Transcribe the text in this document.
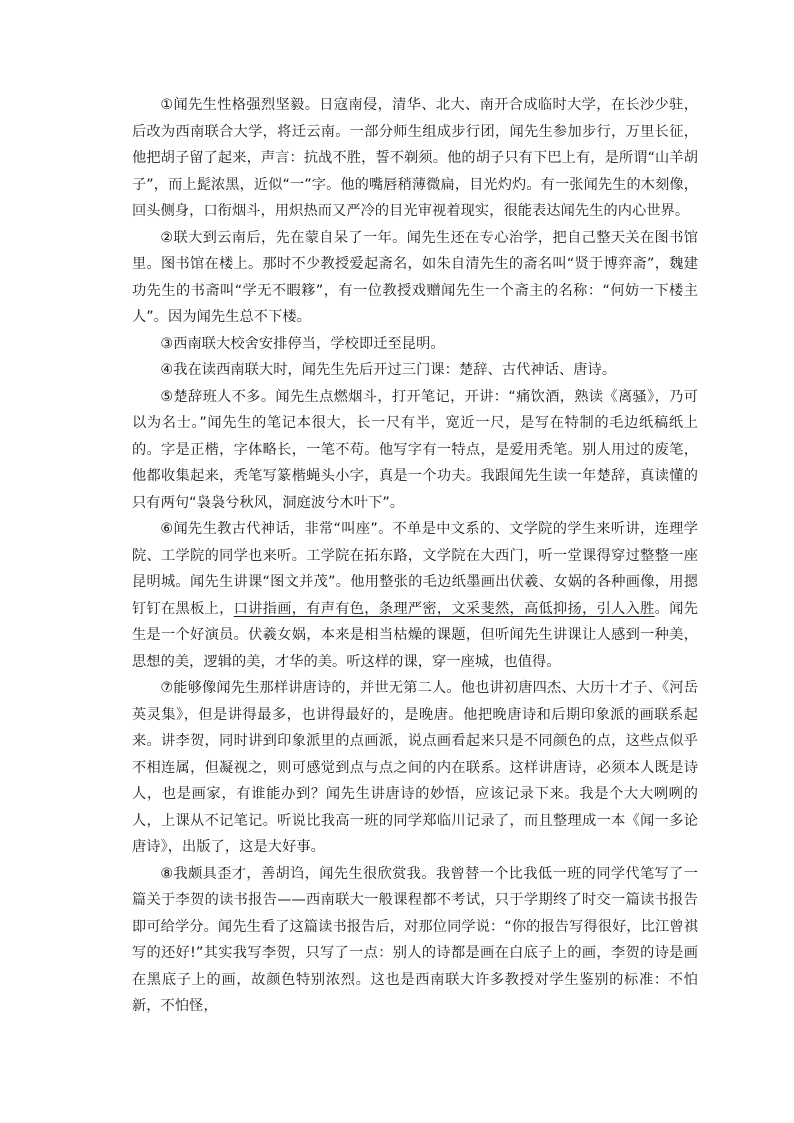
①闻先生性格强烈坚毅。日寇南侵，清华、北大、南开合成临时大学，在长沙少驻，后改为西南联合大学，将迁云南。一部分师生组成步行团，闻先生参加步行，万里长征，他把胡子留了起来，声言：抗战不胜，誓不剃须。他的胡子只有下巴上有，是所谓“山羊胡子”，而上髭浓黑，近似“一”字。他的嘴唇稍薄微扁，目光灼灼。有一张闻先生的木刻像，回头侧身，口衔烟斗，用炽热而又严冷的目光审视着现实，很能表达闻先生的内心世界。

②联大到云南后，先在蒙自呆了一年。闻先生还在专心治学，把自己整天关在图书馆里。图书馆在楼上。那时不少教授爱起斋名，如朱自清先生的斋名叫“贤于博弈斋”，魏建功先生的书斋叫“学无不暇簃”，有一位教授戏赠闻先生一个斋主的名称：“何妨一下楼主人”。因为闻先生总不下楼。

③西南联大校舍安排停当，学校即迁至昆明。

④我在读西南联大时，闻先生先后开过三门课：楚辞、古代神话、唐诗。

⑤楚辞班人不多。闻先生点燃烟斗，打开笔记，开讲：“痛饮酒，熟读《离骚》，乃可以为名士。”闻先生的笔记本很大，长一尺有半，宽近一尺，是写在特制的毛边纸稿纸上的。字是正楷，字体略长，一笔不苟。他写字有一特点，是爱用秃笔。别人用过的废笔，他都收集起来，秃笔写篆楷蝇头小字，真是一个功夫。我跟闻先生读一年楚辞，真读懂的只有两句“袅袅兮秋风，洞庭波兮木叶下”。

⑥闻先生教古代神话，非常“叫座”。不单是中文系的、文学院的学生来听讲，连理学院、工学院的同学也来听。工学院在拓东路，文学院在大西门，听一堂课得穿过整整一座昆明城。闻先生讲课“图文并茂”。他用整张的毛边纸墨画出伏羲、女娲的各种画像，用摁钉钉在黑板上，口讲指画，有声有色，条理严密，文采斐然，高低抑扬，引人入胜。闻先生是一个好演员。伏羲女娲，本来是相当枯燥的课题，但听闻先生讲课让人感到一种美，思想的美，逻辑的美，才华的美。听这样的课，穿一座城，也值得。

⑦能够像闻先生那样讲唐诗的，并世无第二人。他也讲初唐四杰、大历十才子、《河岳英灵集》，但是讲得最多，也讲得最好的，是晚唐。他把晚唐诗和后期印象派的画联系起来。讲李贺，同时讲到印象派里的点画派，说点画看起来只是不同颜色的点，这些点似乎不相连属，但凝视之，则可感觉到点与点之间的内在联系。这样讲唐诗，必须本人既是诗人，也是画家，有谁能办到？闻先生讲唐诗的妙悟，应该记录下来。我是个大大咧咧的人，上课从不记笔记。听说比我高一班的同学郑临川记录了，而且整理成一本《闻一多论唐诗》，出版了，这是大好事。

⑧我颇具歪才，善胡诌，闻先生很欣赏我。我曾替一个比我低一班的同学代笔写了一篇关于李贺的读书报告——西南联大一般课程都不考试，只于学期终了时交一篇读书报告即可给学分。闻先生看了这篇读书报告后，对那位同学说：“你的报告写得很好，比江曾祺写的还好!”其实我写李贺，只写了一点：别人的诗都是画在白底子上的画，李贺的诗是画在黑底子上的画，故颜色特别浓烈。这也是西南联大许多教授对学生鉴别的标准：不怕新，不怕怪，
